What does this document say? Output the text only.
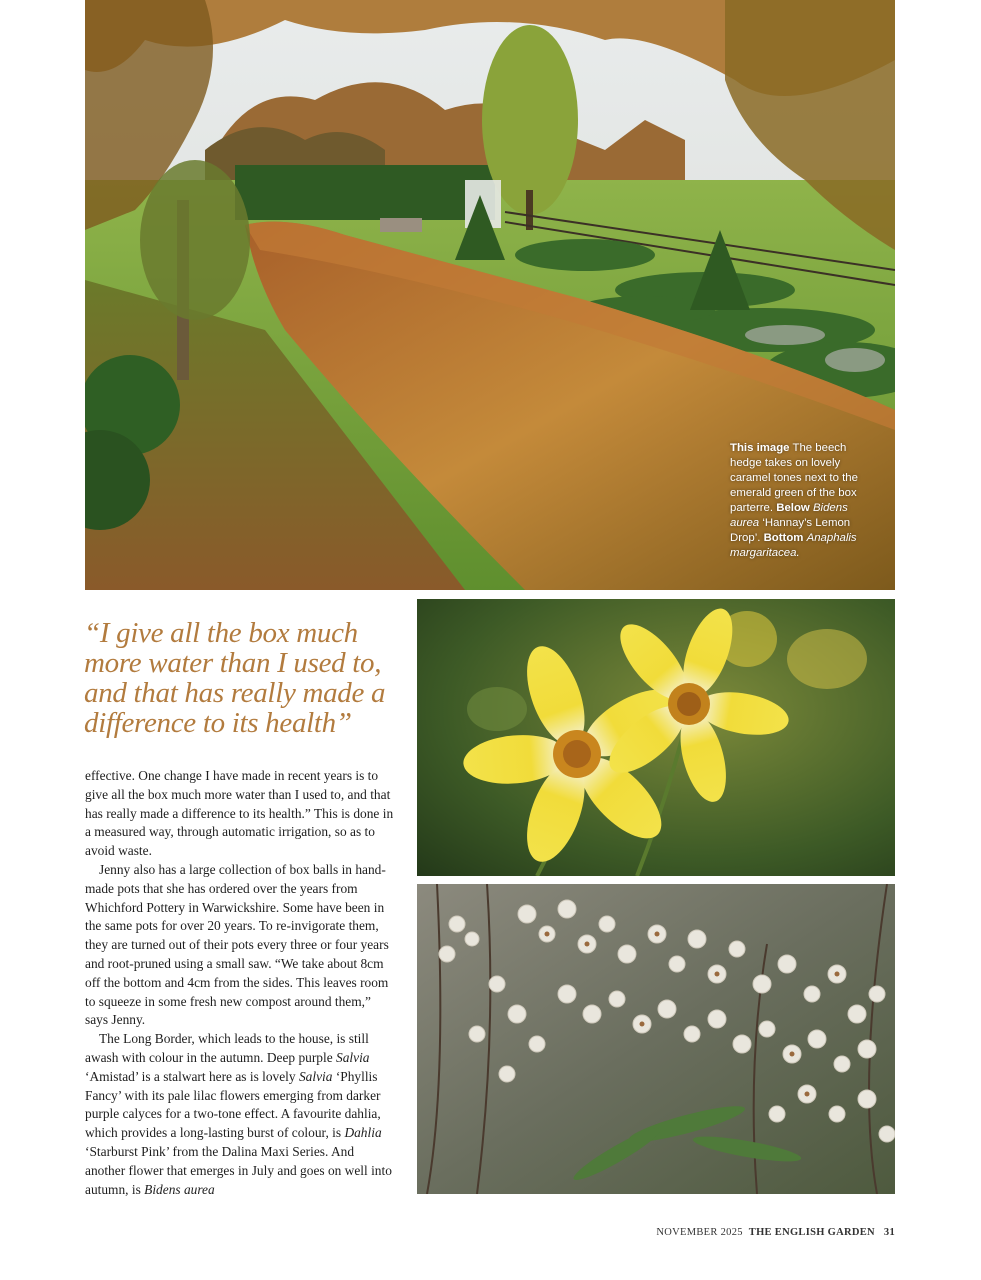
This image The beech hedge takes on lovely caramel tones next to the emerald green of the box parterre. Below Bidens aurea ‘Hannay’s Lemon Drop’. Bottom Anaphalis margaritacea.
“I give all the box much more water than I used to, and that has really made a difference to its health”

effective. One change I have made in recent years is to give all the box much more water than I used to, and that has really made a difference to its health.” This is done in a measured way, through automatic irrigation, so as to avoid waste.

Jenny also has a large collection of box balls in hand-made pots that she has ordered over the years from Whichford Pottery in Warwickshire. Some have been in the same pots for over 20 years. To re-invigorate them, they are turned out of their pots every three or four years and root-pruned using a small saw. “We take about 8cm off the bottom and 4cm from the sides. This leaves room to squeeze in some fresh new compost around them,” says Jenny.

The Long Border, which leads to the house, is still awash with colour in the autumn. Deep purple Salvia ‘Amistad’ is a stalwart here as is lovely Salvia ‘Phyllis Fancy’ with its pale lilac flowers emerging from darker purple calyces for a two-tone effect. A favourite dahlia, which provides a long-lasting burst of colour, is Dahlia ‘Starburst Pink’ from the Dalina Maxi Series. And another flower that emerges in July and goes on well into autumn, is Bidens aurea

NOVEMBER 2025 THE ENGLISH GARDEN 31
